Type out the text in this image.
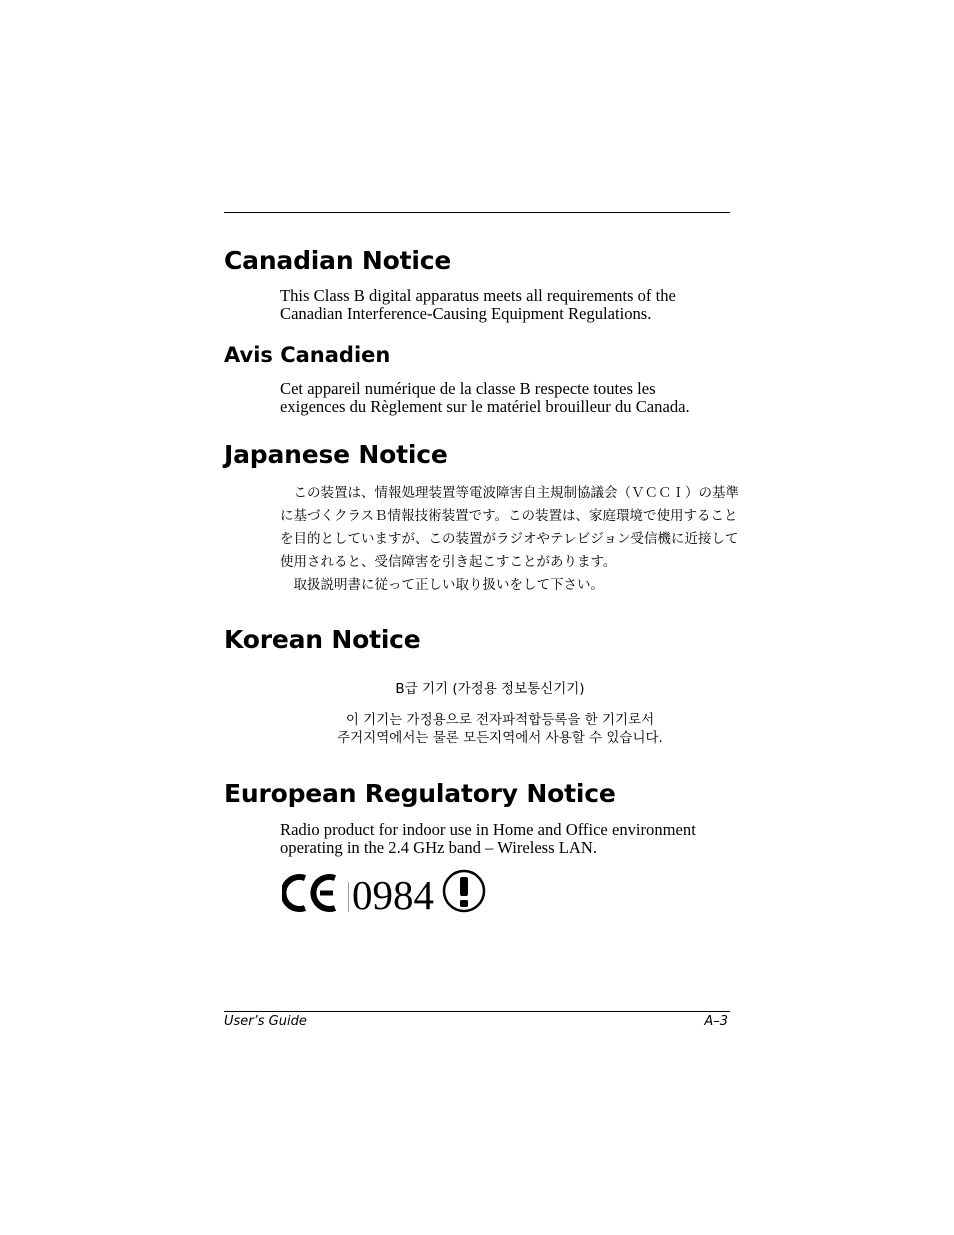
Canadian Notice
This Class B digital apparatus meets all requirements of the
Canadian Interference-Causing Equipment Regulations.
Avis Canadien
Cet appareil numérique de la classe B respecte toutes les
exigences du Règlement sur le matériel brouilleur du Canada.
Japanese Notice
　この装置は、情報処理装置等電波障害自主規制協議会（ＶＣＣＩ）の基準
に基づくクラスＢ情報技術装置です。この装置は、家庭環境で使用すること
を目的としていますが、この装置がラジオやテレビジョン受信機に近接して
使用されると、受信障害を引き起こすことがあります。
　取扱説明書に従って正しい取り扱いをして下さい。
Korean Notice
B급 기기 (가정용 정보통신기기)
이 기기는 가정용으로 전자파적합등록을 한 기기로서
주거지역에서는 물론 모든지역에서 사용할 수 있습니다.
European Regulatory Notice
Radio product for indoor use in Home and Office environment
operating in the 2.4 GHz band – Wireless LAN.
0984
User’s Guide	A–3
